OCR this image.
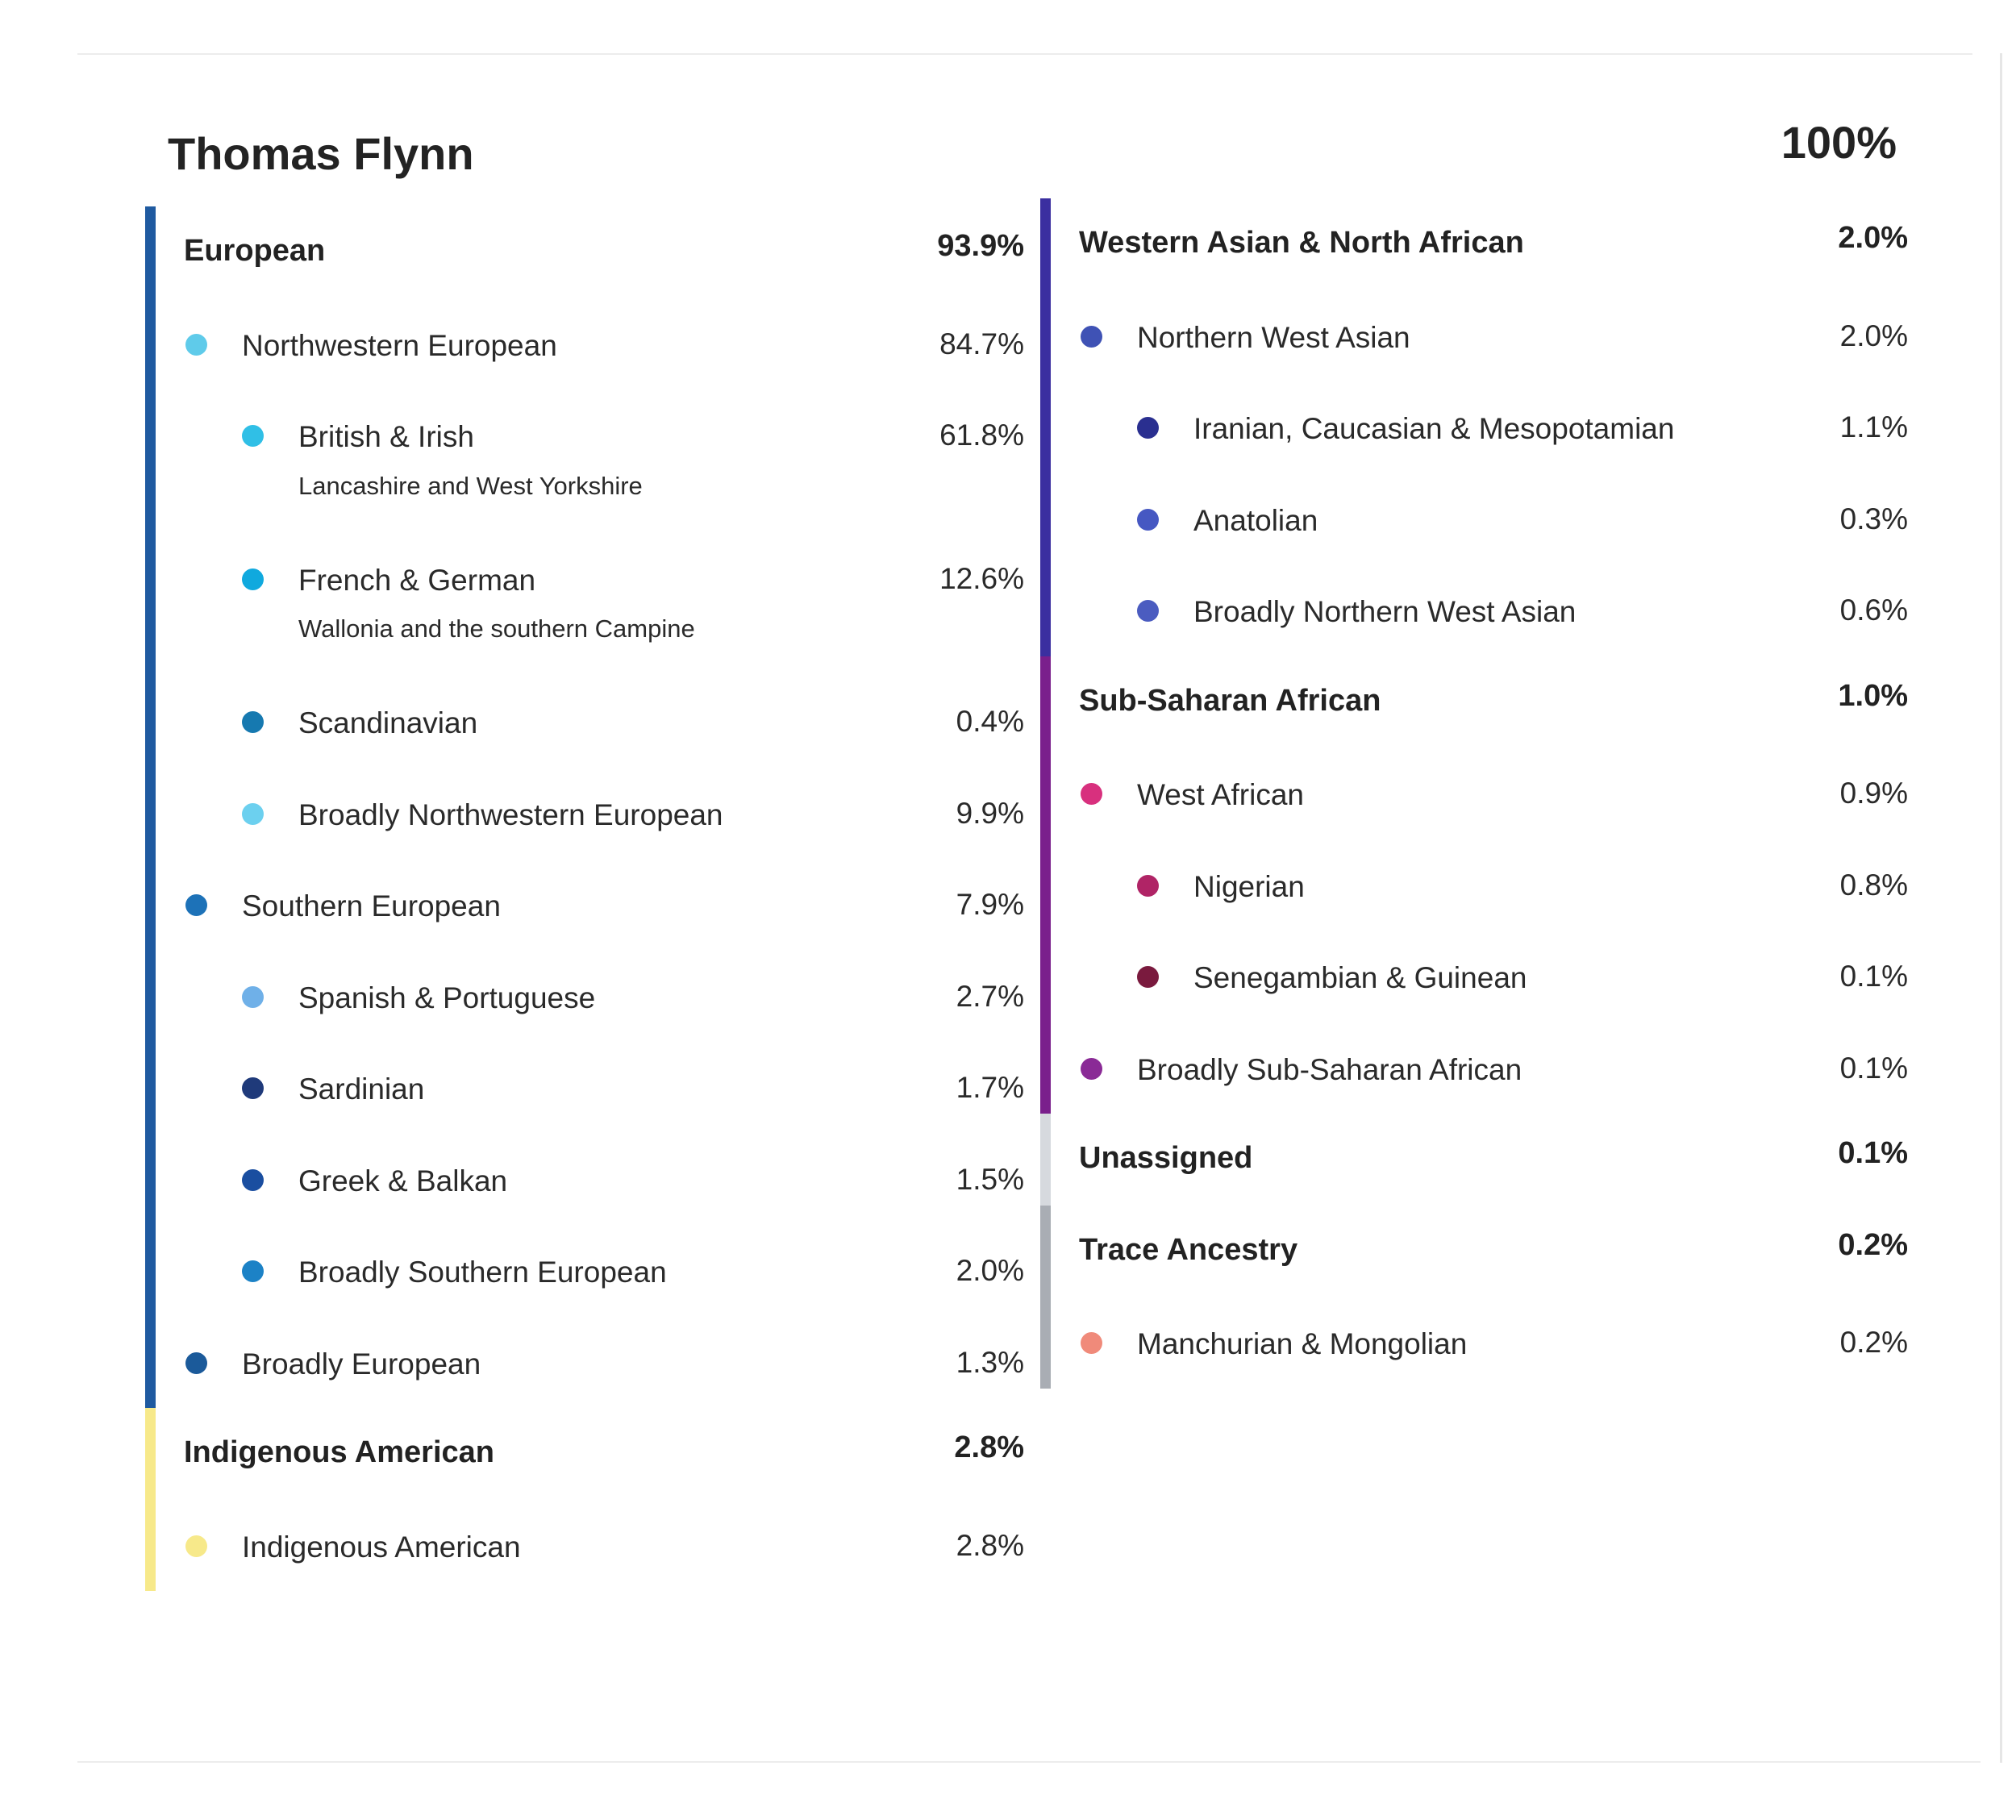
Thomas Flynn	100%
European	93.9%
Northwestern European	84.7%
British & Irish	61.8%
Lancashire and West Yorkshire
French & German	12.6%
Wallonia and the southern Campine
Scandinavian	0.4%
Broadly Northwestern European	9.9%
Southern European	7.9%
Spanish & Portuguese	2.7%
Sardinian	1.7%
Greek & Balkan	1.5%
Broadly Southern European	2.0%
Broadly European	1.3%
Indigenous American	2.8%
Indigenous American	2.8%
Western Asian & North African	2.0%
Northern West Asian	2.0%
Iranian, Caucasian & Mesopotamian	1.1%
Anatolian	0.3%
Broadly Northern West Asian	0.6%
Sub-Saharan African	1.0%
West African	0.9%
Nigerian	0.8%
Senegambian & Guinean	0.1%
Broadly Sub-Saharan African	0.1%
Unassigned	0.1%
Trace Ancestry	0.2%
Manchurian & Mongolian	0.2%
